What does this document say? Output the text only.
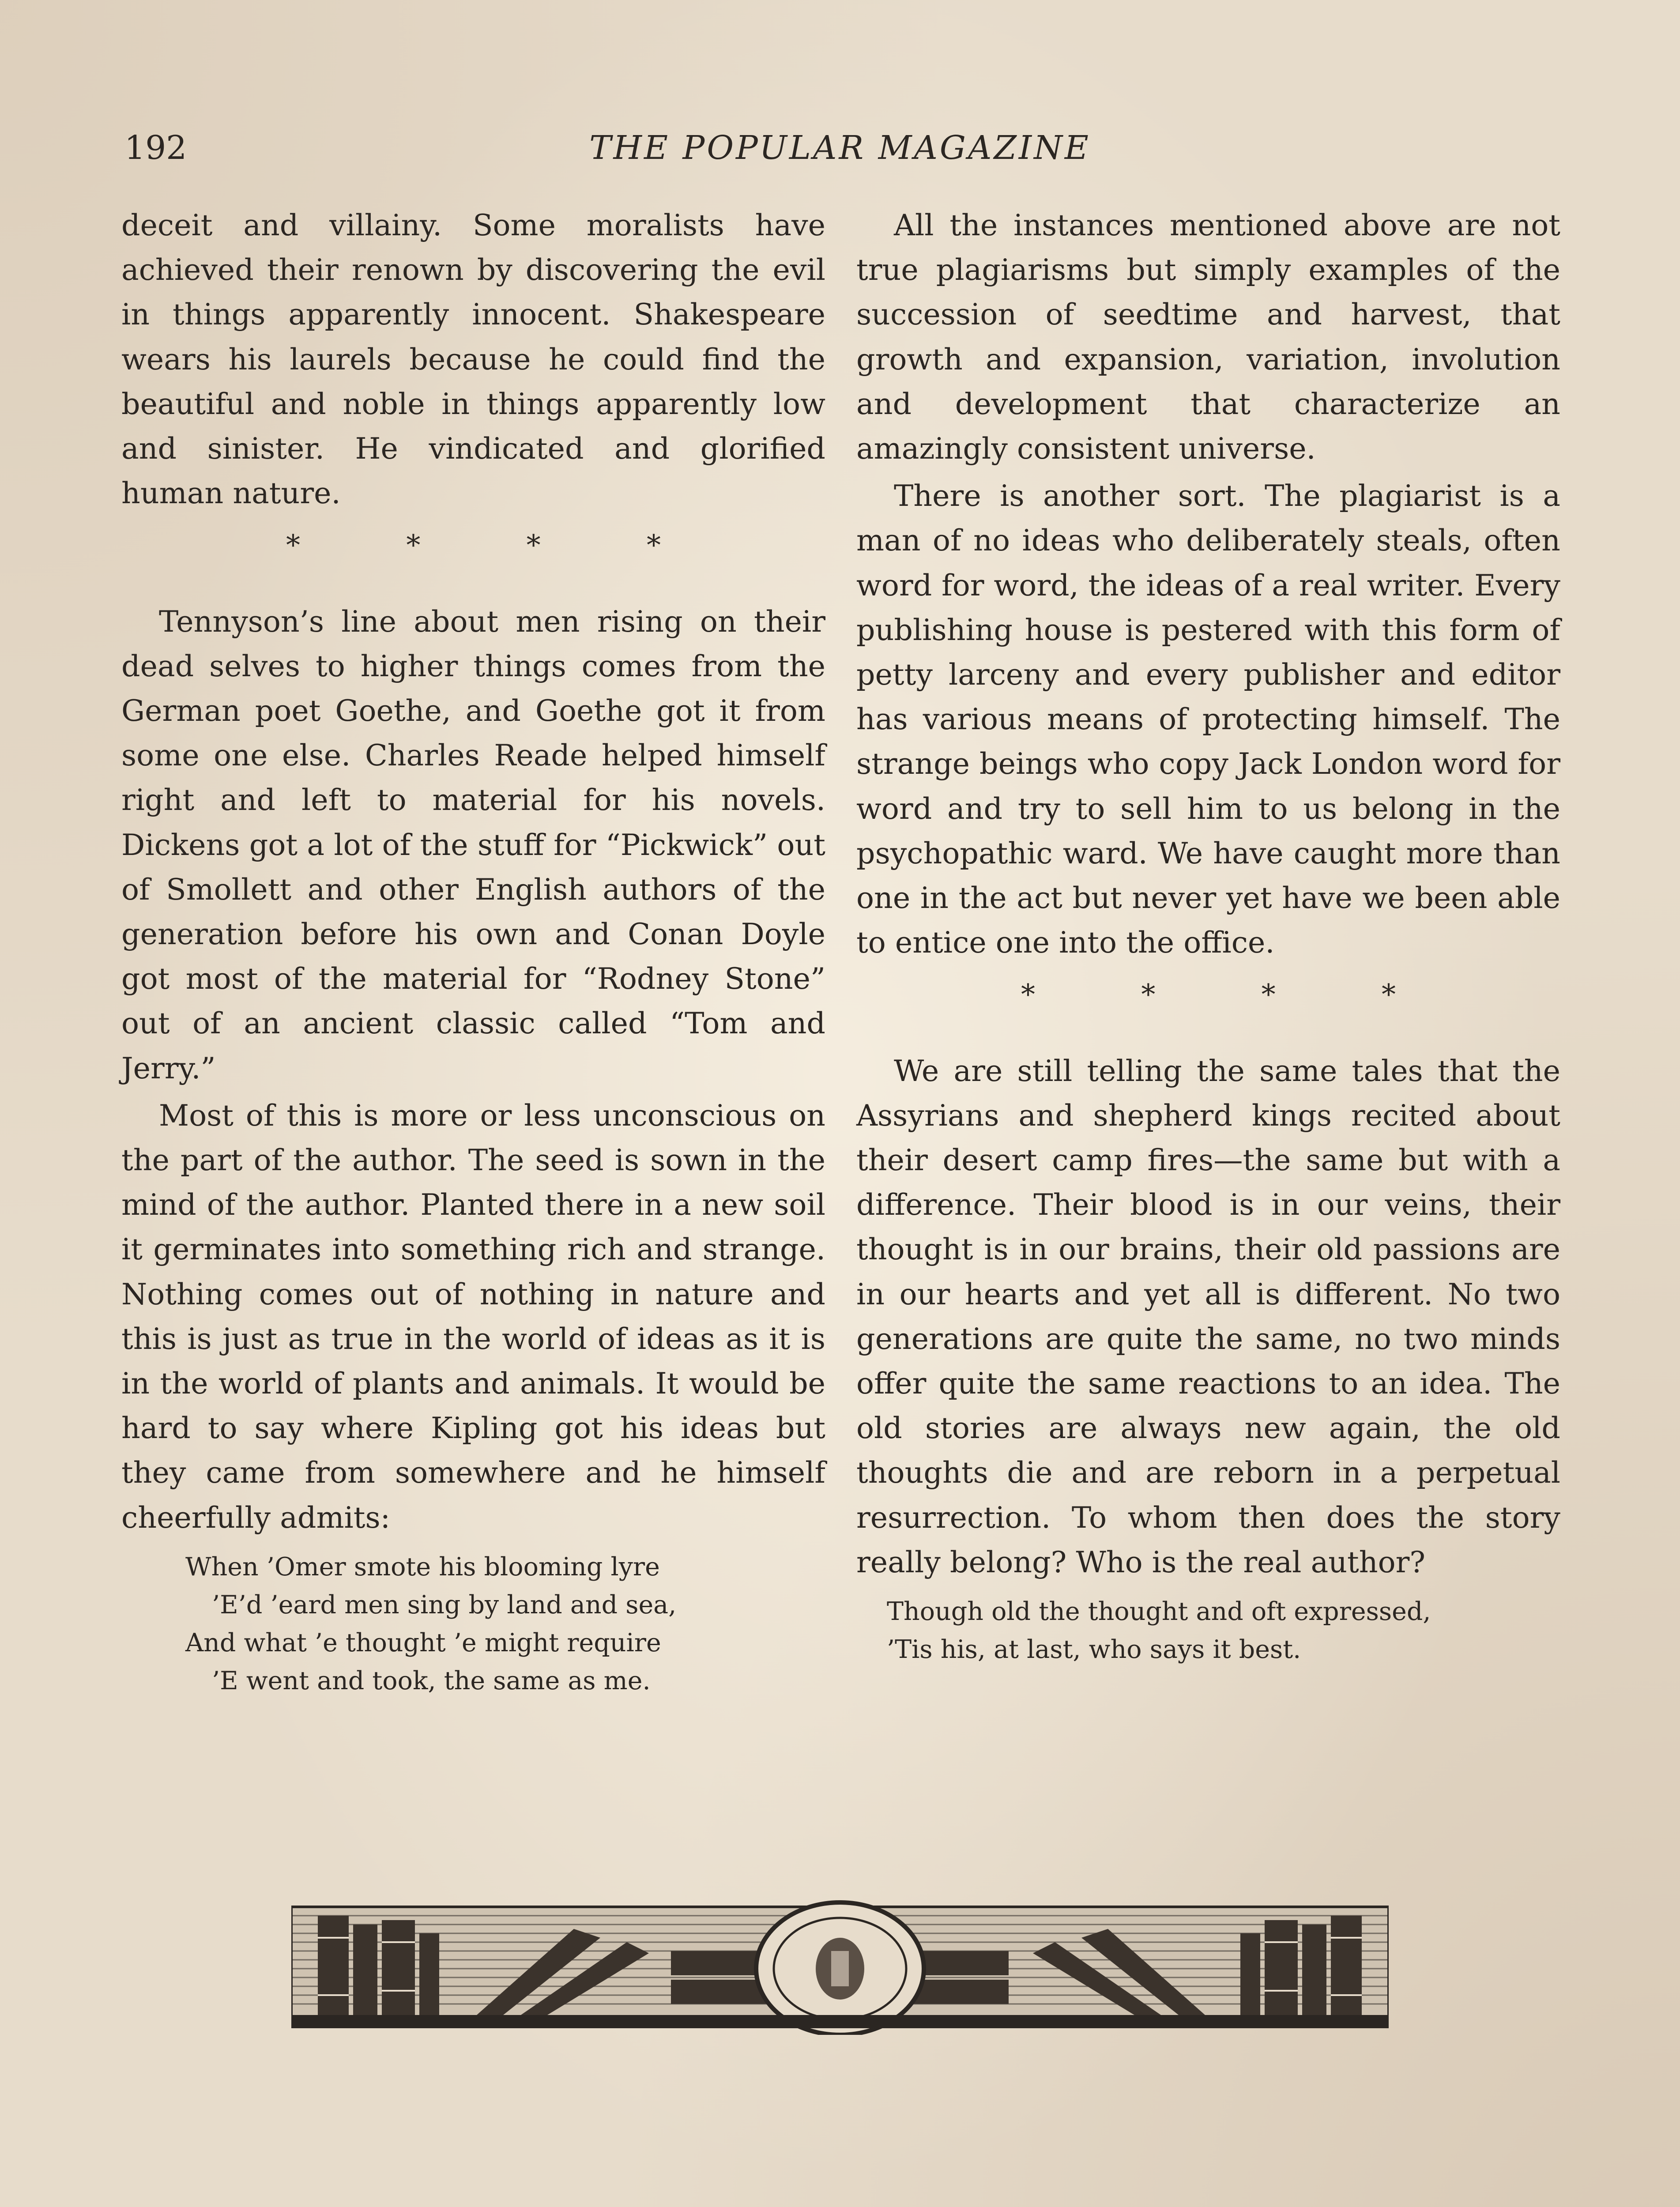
192	THE POPULAR MAGAZINE

deceit and villainy. Some moralists have achieved their renown by discovering the evil in things apparently innocent. Shakespeare wears his laurels because he could find the beautiful and noble in things apparently low and sinister. He vindicated and glorified human nature.

* * * *

Tennyson’s line about men rising on their dead selves to higher things comes from the German poet Goethe, and Goethe got it from some one else. Charles Reade helped himself right and left to material for his novels. Dickens got a lot of the stuff for “Pickwick” out of Smollett and other English authors of the generation before his own and Conan Doyle got most of the material for “Rodney Stone” out of an ancient classic called “Tom and Jerry.”

Most of this is more or less unconscious on the part of the author. The seed is sown in the mind of the author. Planted there in a new soil it germinates into something rich and strange. Nothing comes out of nothing in nature and this is just as true in the world of ideas as it is in the world of plants and animals. It would be hard to say where Kipling got his ideas but they came from somewhere and he himself cheerfully admits:

When ’Omer smote his blooming lyre
’E’d ’eard men sing by land and sea,
And what ’e thought ’e might require
’E went and took, the same as me.

All the instances mentioned above are not true plagiarisms but simply examples of the succession of seedtime and harvest, that growth and expansion, variation, involution and development that characterize an amazingly consistent universe.

There is another sort. The plagiarist is a man of no ideas who deliberately steals, often word for word, the ideas of a real writer. Every publishing house is pestered with this form of petty larceny and every publisher and editor has various means of protecting himself. The strange beings who copy Jack London word for word and try to sell him to us belong in the psychopathic ward. We have caught more than one in the act but never yet have we been able to entice one into the office.

* * * *

We are still telling the same tales that the Assyrians and shepherd kings recited about their desert camp fires—the same but with a difference. Their blood is in our veins, their thought is in our brains, their old passions are in our hearts and yet all is different. No two generations are quite the same, no two minds offer quite the same reactions to an idea. The old stories are always new again, the old thoughts die and are reborn in a perpetual resurrection. To whom then does the story really belong? Who is the real author?

Though old the thought and oft expressed,
’Tis his, at last, who says it best.
